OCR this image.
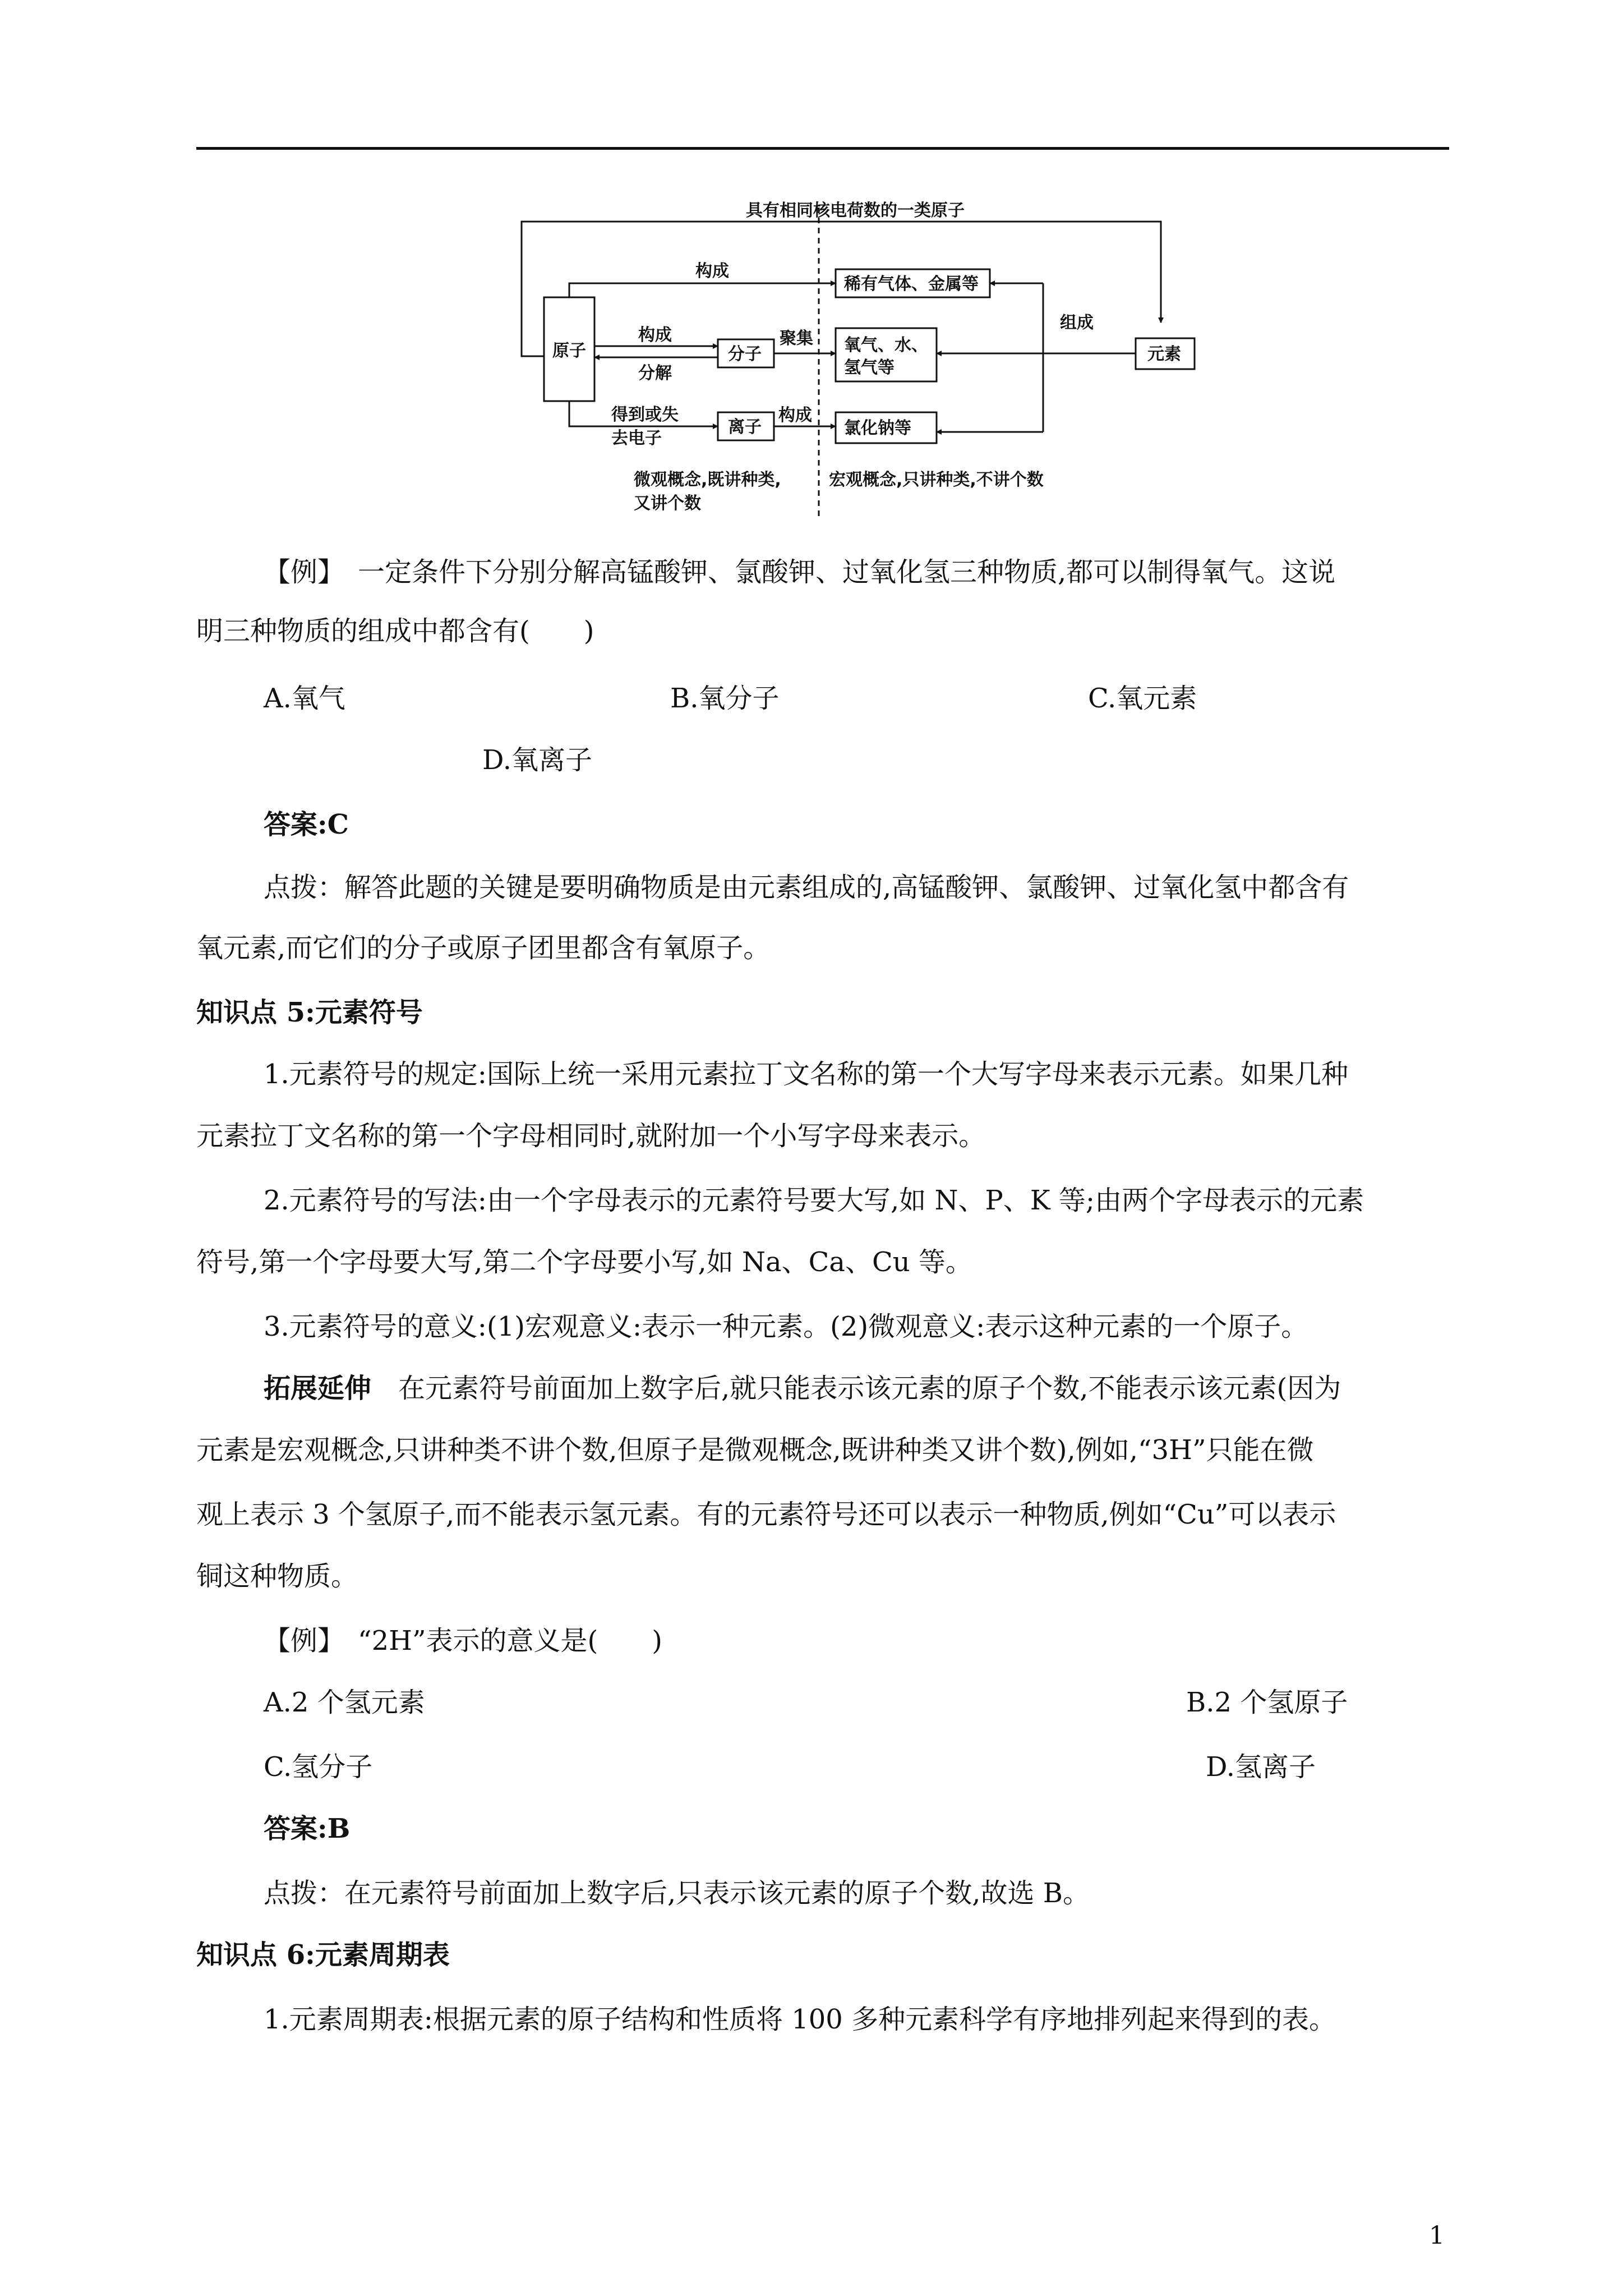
具有相同核电荷数的一类原子
原子
构成
构成
分解
分子
聚集
得到或失
去电子
离子
构成
稀有气体、金属等
氧气、水、
氢气等
氯化钠等
元素
组成
微观概念,既讲种类,
又讲个数
宏观概念,只讲种类,不讲个数
【例】　 一定条件下分别分解高锰酸钾、氯酸钾、过氧化氢三种物质,都可以制得氧气。这说
明三种物质的组成中都含有(　　)
A.氧气	B.氧分子	C.氧元素
D.氧离子
答案:C
点拨：解答此题的关键是要明确物质是由元素组成的,高锰酸钾、氯酸钾、过氧化氢中都含有
氧元素,而它们的分子或原子团里都含有氧原子。
知识点 5:元素符号
1.元素符号的规定:国际上统一采用元素拉丁文名称的第一个大写字母来表示元素。如果几种
元素拉丁文名称的第一个字母相同时,就附加一个小写字母来表示。
2.元素符号的写法:由一个字母表示的元素符号要大写,如 N、P、K 等;由两个字母表示的元素
符号,第一个字母要大写,第二个字母要小写,如 Na、Ca、Cu 等。
3.元素符号的意义:(1)宏观意义:表示一种元素。(2)微观意义:表示这种元素的一个原子。
拓展延伸　 在元素符号前面加上数字后,就只能表示该元素的原子个数,不能表示该元素(因为
元素是宏观概念,只讲种类不讲个数,但原子是微观概念,既讲种类又讲个数),例如,“3H”只能在微
观上表示 3 个氢原子,而不能表示氢元素。有的元素符号还可以表示一种物质,例如“Cu”可以表示
铜这种物质。
【例】　 “2H”表示的意义是(　　)
A.2 个氢元素	B.2 个氢原子
C.氢分子	D.氢离子
答案:B
点拨：在元素符号前面加上数字后,只表示该元素的原子个数,故选 B。
知识点 6:元素周期表
1.元素周期表:根据元素的原子结构和性质将 100 多种元素科学有序地排列起来得到的表。
1
